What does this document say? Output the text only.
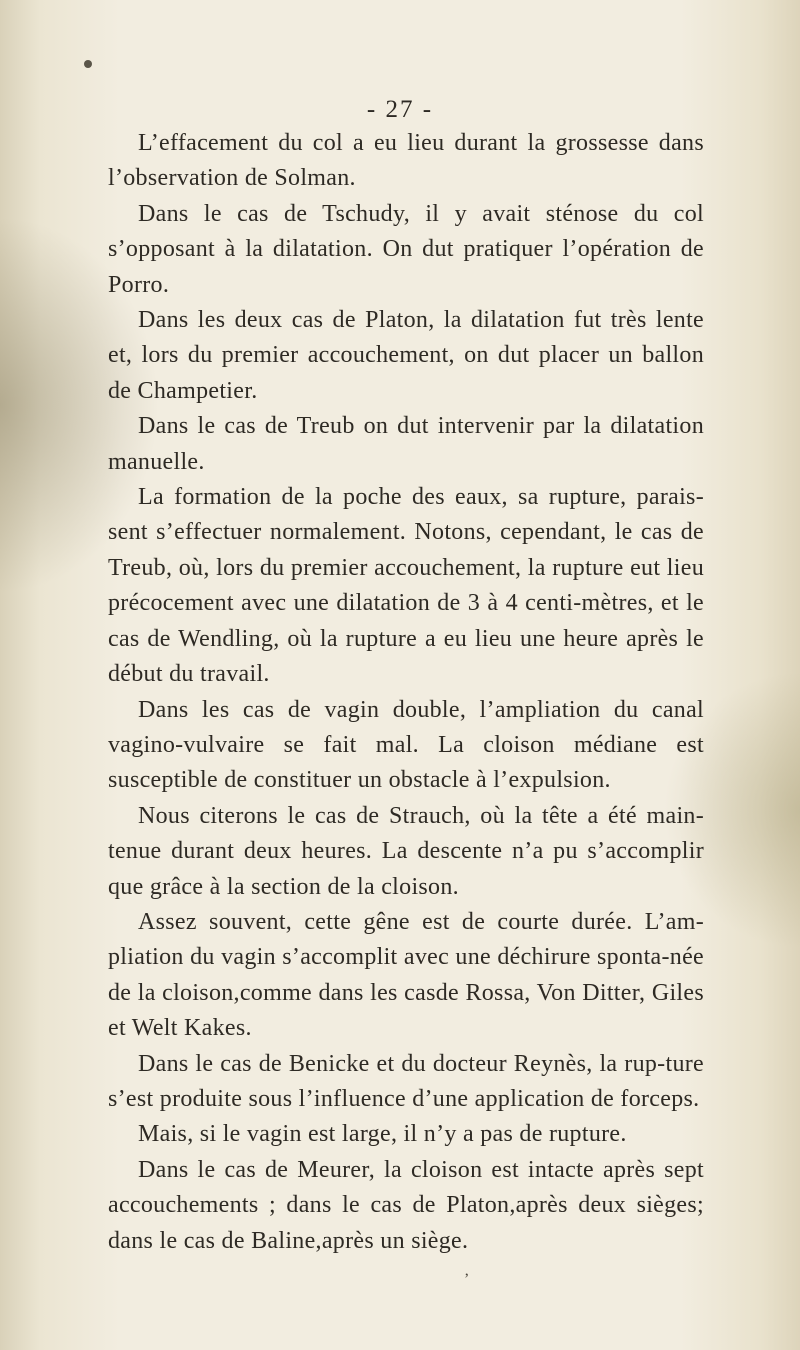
- 27 -

L’effacement du col a eu lieu durant la grossesse dans l’observation de Solman.

Dans le cas de Tschudy, il y avait sténose du col s’opposant à la dilatation. On dut pratiquer l’opération de Porro.

Dans les deux cas de Platon, la dilatation fut très lente et, lors du premier accouchement, on dut placer un ballon de Champetier.

Dans le cas de Treub on dut intervenir par la dilatation manuelle.

La formation de la poche des eaux, sa rupture, parais-sent s’effectuer normalement. Notons, cependant, le cas de Treub, où, lors du premier accouchement, la rupture eut lieu précocement avec une dilatation de 3 à 4 centi-mètres, et le cas de Wendling, où la rupture a eu lieu une heure après le début du travail.

Dans les cas de vagin double, l’ampliation du canal vagino-vulvaire se fait mal. La cloison médiane est susceptible de constituer un obstacle à l’expulsion.

Nous citerons le cas de Strauch, où la tête a été main-tenue durant deux heures. La descente n’a pu s’accomplir que grâce à la section de la cloison.

Assez souvent, cette gêne est de courte durée. L’am-pliation du vagin s’accomplit avec une déchirure sponta-née de la cloison,comme dans les casde Rossa, Von Ditter, Giles et Welt Kakes.

Dans le cas de Benicke et du docteur Reynès, la rup-ture s’est produite sous l’influence d’une application de forceps.

Mais, si le vagin est large, il n’y a pas de rupture.

Dans le cas de Meurer, la cloison est intacte après sept accouchements ; dans le cas de Platon,après deux sièges; dans le cas de Baline,après un siège.

‚
